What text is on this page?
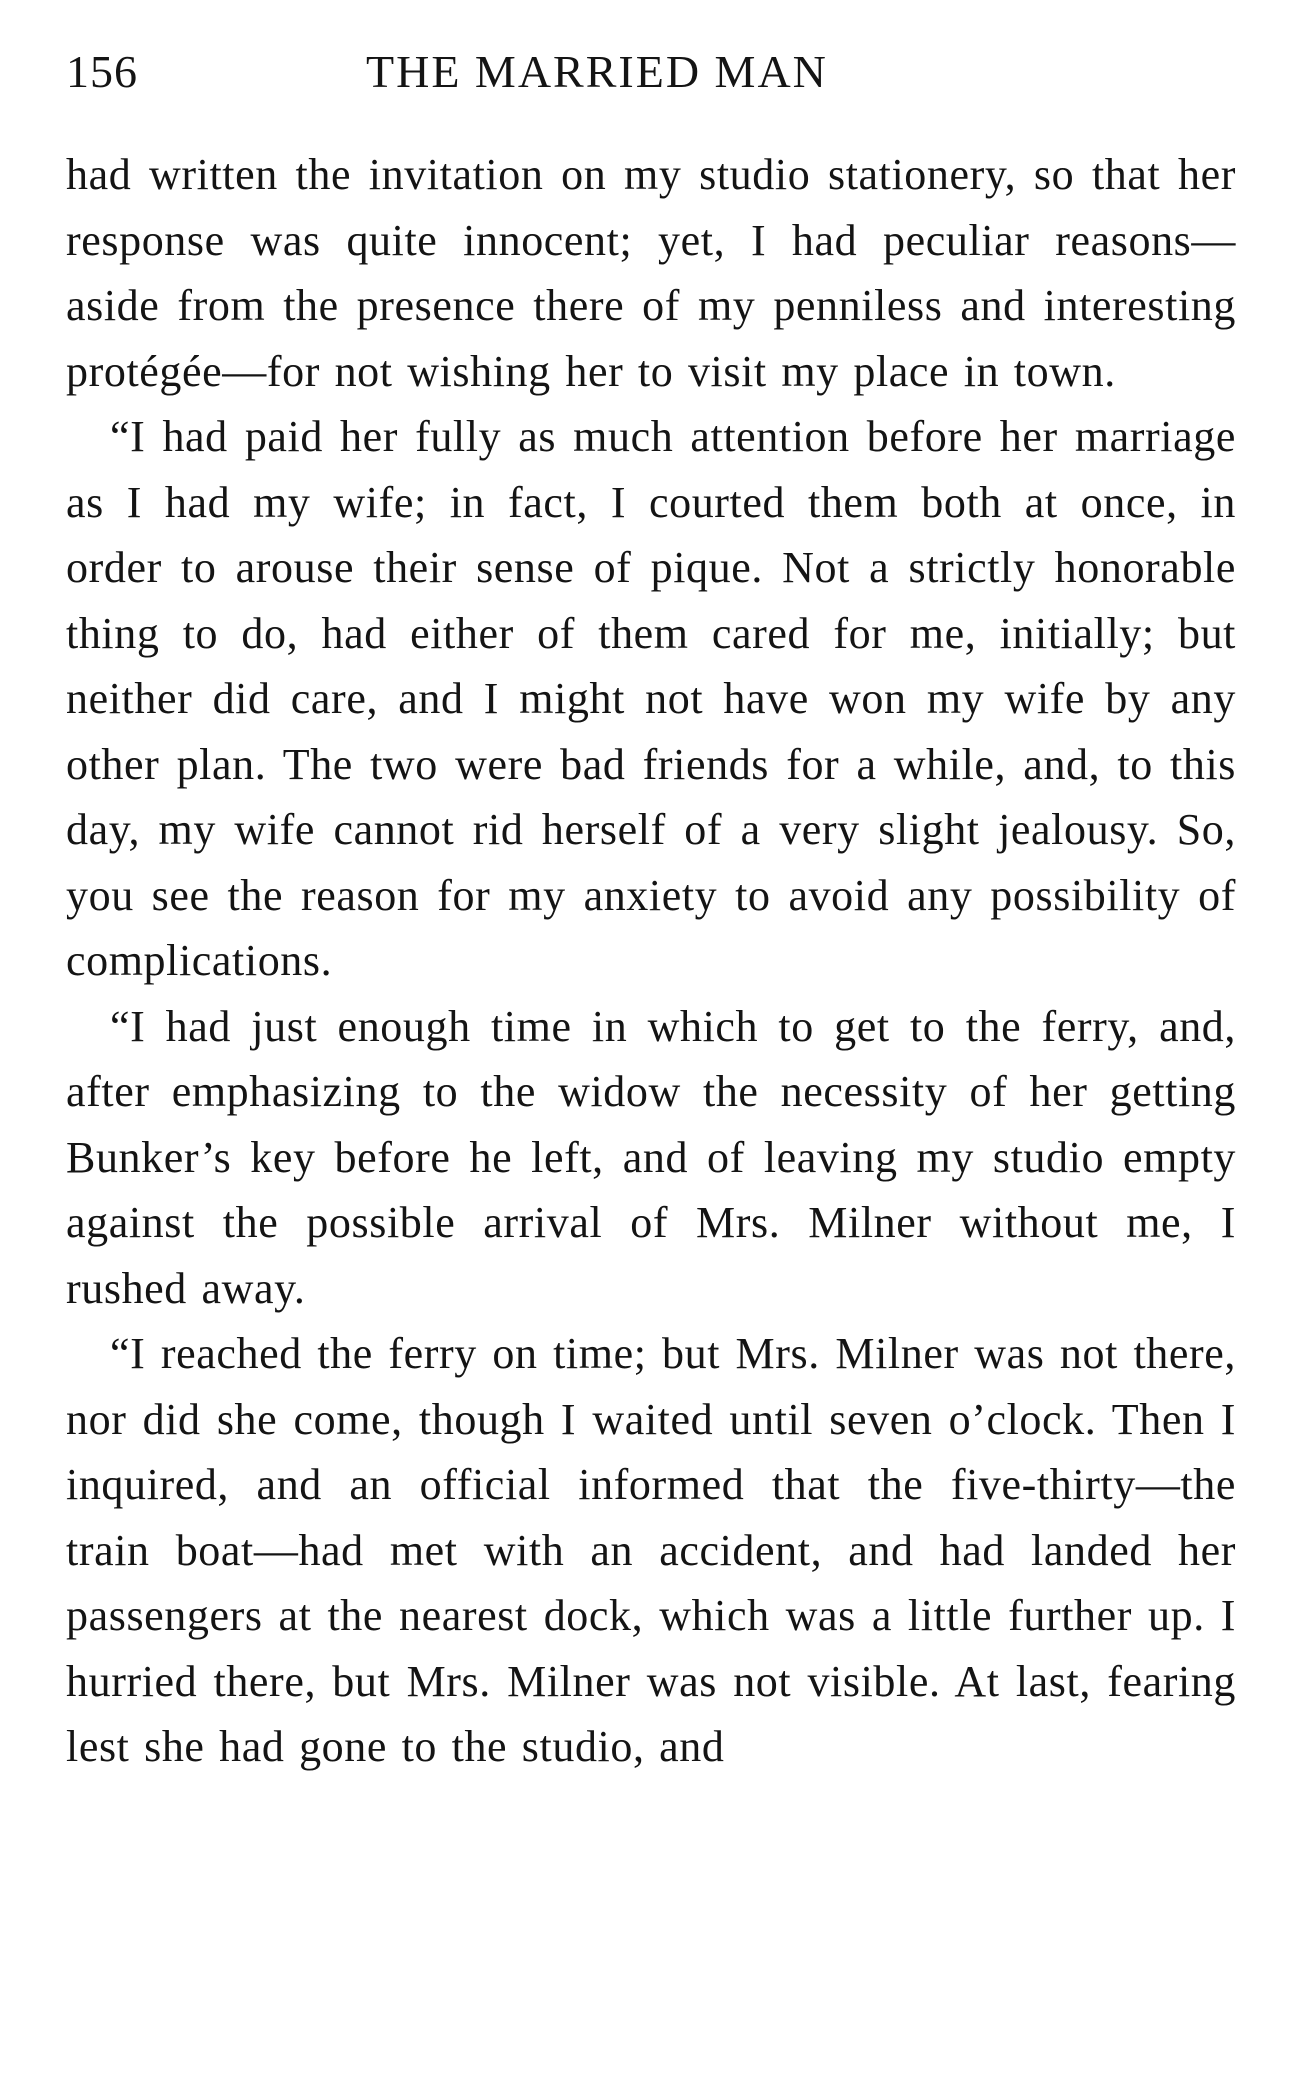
156	THE MARRIED MAN

had written the invitation on my studio stationery, so that her response was quite innocent; yet, I had peculiar reasons—aside from the presence there of my penniless and interesting protégée—for not wishing her to visit my place in town.

“I had paid her fully as much attention before her marriage as I had my wife; in fact, I courted them both at once, in order to arouse their sense of pique. Not a strictly honorable thing to do, had either of them cared for me, initially; but neither did care, and I might not have won my wife by any other plan. The two were bad friends for a while, and, to this day, my wife cannot rid herself of a very slight jealousy. So, you see the reason for my anxiety to avoid any possibility of complications.

“I had just enough time in which to get to the ferry, and, after emphasizing to the widow the necessity of her getting Bunker’s key before he left, and of leaving my studio empty against the possible arrival of Mrs. Milner without me, I rushed away.

“I reached the ferry on time; but Mrs. Milner was not there, nor did she come, though I waited until seven o’clock. Then I inquired, and an official informed that the five-thirty—the train boat—had met with an accident, and had landed her passengers at the nearest dock, which was a little further up. I hurried there, but Mrs. Milner was not visible. At last, fearing lest she had gone to the studio, and
